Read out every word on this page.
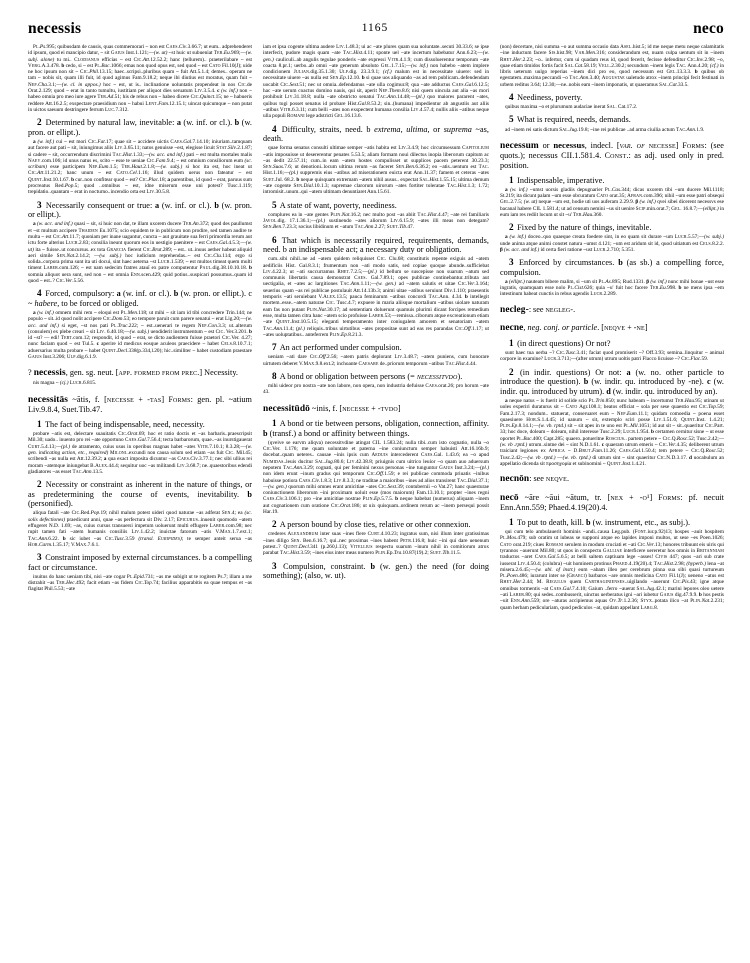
necessis	neco
1165

Pl.Ps.995; quibusdam de causis, quas commemorari ~ non est Caes.Civ.3.66.7; ut eum.. adprehenderet id ipsum, quod ei mancipio datur, ~ sit Gaius Inst.1.121;—(w. ut) ~st huic ut subueniat Ter.Eu.969;—(w. subj. alone) tu mi.. Clodianus efficias ~ est Cic.Att.12.52.2; hanc (tellurem).. praeterilabare ~ est Verg.A.3.478. b cedo, si ~ est Pl.Bac.1066; emas non quod opus est, sed quod ~ est Cato Fil.10(J); uide ne hoc ipsum non sit ~ Cic.Phil.13.15; haec..scripsi..pluribus quam ~ fuit Att.5.1.4; demes.. operam ne tam ~ nobis sit, quam illi fuit, id quod agimus Fam.9.18.2; neque ibi diutius est moratus, quam fuit ~ Nep.Cha.3.1;—(w. cl. in appos.) hoc ~ est, ut is.. inclinatione uoluntatis propendeat in nos Cic.de Orat.2.129; quod ~ erat in tanto tumultu, iustitiam per aliquot dies seruatum Liv.3.5.4. c (w. inf.) non ~ habeo omnia pro meo iure agere Ter.Ad.51; his de rebus non ~ habeo dicere Cic.Quinct.15; ne ~ habueris reddere Att.16.2.5; exspectare praesidium non ~ habui Lent.Fam.12.15.1; uincat quicumque ~ non putat in uictos saeuum destringere ferrum Luc.7.312.

2 Determined by natural law, inevitable: a (w. inf. or cl.). b (w. pron. or ellipt.).

a (w. inf.) cui ~ est mori Cic.Fat.17; quae sit ~ accidere uictis Caes.Gal.7.14.10; iniuriam..tamquam aut facere aut pati ~ sit, iniungimus aliis Liv.3.65.11; natos genuisse ~est, elegisse licuit Stat.Silv.2.1.87; si cadere ~ sit, occurrendum discrimini Tac.Hist.1.33;—(w. acc. and inf.) pati ~ est multa mortales malis Naev.com.106; id unus natus es, scito ~ esse te ueniae Cic.Fam.9.4; ~ est omnium consiliorum eum (sc. scribam) esse participem Nep.Eum.1.5; Ter.Haut.2.1.8;—(w. subj.) si hoc ita est, hoc ineat ut Cic.Att.11.21.2; hanc unum ~ est Cato.Cel.1.16; illud quidem uerus non fateatur ~ est Quint.Inst.10.1.67. b cur..non confitear quod ~ est? Cic.Plac.18; a parentibus, id quod ~ erat, paruus sum procreatus Red.Pop.5; quod ..omnibus ~ est, idne miserum esse uni potest? Tusc.1.119; trepidatio..quantam ~ erat in nocturno..incendio orta est Liv.30.5.8.

3 Necessarily consequent or true: a (w. inf. or cl.). b (w. pron. or ellipt.).

a (w. acc. and inf.) quasi ~ sit, si huic non dat, te illam uxorem ducere Ter.An.372; quod des paullumst et ~st multum accipere Thaiden Eu.1075; scio equidem te in publicum non prodire, sed tamen audire te multa ~ est Cic.Att.11.7; quoniam per inane uagantur, cuncta ~ aut grauitate sua ferri primordia rerum aut ictu forte alterius Lucr.2.83; consilia ineunt quorum eos in uestigio paenitere ~ est Caes.Gal.4.5.3;—(w. ut) ita ~ fuisse..ut concursus..ex tota Graecia fierent Cic.Brut.289; ~ est.. ut..inuus aether habeat aliquid aeri simile Sen.Nat.2.14.2; —(w. subj.) hoc iudicium reprehendas..~ est Cic.Clu.114; ergo si solida..corpora prima sunt ita uti docui, sint haec aeterna ~st Lucr.1.539; ~ est multos timeat quem multi timent Laber.com.126; ~ est nam sedecim fratres atauī ex patre computentur Paul.dig.38.10.10.18. b somnia aliquot uera sunt, sed non ~ est omnia Enn.scen.429; quid potius..suspicari possumus..quam id quod ~ est..? Cic.Ver.5.56.

4 Forced, compulsory: a (w. inf. or cl.). b (w. pron. or ellipt.). c ~ habere, to be forced or obliged.

a (w. inf.) omnem mihi rem ~ eloqui est Pl.Men.118; ut mihi ~ sit iam id tibi concredere Trin.144; ne populo ~ sit..id quod nolit accipere Cic.Dom.53; eo tempore paruit cum parere senatui ~ erat Lig.20;—(w. acc. and inf.) si eget, ~st nos pati Pl.Truc.222; ~ est..uenerari te regem Nep.Con.3.3; ut..alterum (consulem) ex plebe creari ~ sit Liv. 6.40.18;—(w. subj.) uendiderit instrumentum ~ est Cic. Ver.3.201. b id ~st? — edi! Tert.com.12; respondit, id quod ~ erat, se dicto audientem fuisse praetori Cic.Ver. 4.27; nunc faciam quod ~ est Tul.5. c aperire id medicus eosque aculeos praecidere ~ habet Cels.8.10.7.1; aduersarius multa probare ~ habet Quint.Decl.338(p.334,l.20); hic..similiter ~ habet custodiam praestare Gaius Inst.3.206; Ulp.dig.6.1.9.

? necessis, gen. sg. neut. [app. formed from prec.] Necessity.

nis magna ~ (cj.) Lucr.6.815.

necessitās ~ātis, f. [necesse + -tas] Forms: gen. pl. ~atium Liv.9.8.4, Suet.Tib.47.

1 The fact of being indispensable, need, necessity.

probare ~atis est, delectare suauitatis Cic.Orat.69; hoc et ratio doctis et ~as barbaris..praescripsit Mil.30; uado.. inuento pro rei ~ate opportuno Caes.Gal.7.56.4; tecta barbarorum, quae..~as inurstigauerat Curt.5.4.13;—(pl.) de atramento, cuius usus in operibus magnas habet ~ates Vitr.7.10.1; 8.3.28;—(w. gen. indicating action, etc., required) Miloni..excundi non causa solum sed etiam ~as fuit Cic. Mil.45; scribendi ~as nulla est Att.12.39.2; a qua exact imposita dicuntur ~as Caes.Civ.3.77.1; nec sibi ullius rei moram ~atemque iniungebat B.Alex.44.4; sequitur uoc ~as militandi Liv.3.68.7; ne..quaestoribus edendi gladiatores ~as esset Tac.Ann.13.5.

2 Necessity or constraint as inherent in the nature of things, or as predetermining the course of events, inevitability. b (personified).

aliqua fatali ~ate Cic.Red.Pop.19; nihil malum potest uideri quod naturae ~as adferat Sen.4; ea (sc. solis defectiones) praedicunt anni, quae ~as perfectura sit Div. 2.17; Epicurus..inuenit quomodo ~atem effugeret N.D. 1.69; ~as, cuius cursus transuersi impetum uoluerunt multi effugere Laber.com.98; nec rupit tamen fati ~atem humanis consiliis Liv.1.42.2; inuictae fatorum ~atis V.Max.1.7.ext.1; Tac.Ann.6.22. b sic iubet ~as Cic.Tusc.3.59 (transl. Euripides); te semper anteit serua ~as Hor.Carm.1.35.17; V.Max.7.6.1.

3 Constraint imposed by external circumstances. b a compelling fact or circumstance.

inuitus do hanc ueniam tibi, nisi ~ate cogar Pl.Epid.731; ~as me subigit ut te rogitem Ps.7; illam a me distrahit ~as Ter.Hec.492; facit etiam ~as fidem Cic.Top.74; facilius apparabitis ea quae tempus et ~as flagitat Phil.5.53; ~ate

iam et ipsa cogente ultima audere Liv.1.48.3; ui ac ~ate plures quam sua uoluntate..secuti 30.33.6; se ipse interfecit, pudore magis quam ~ate Tac.Hist.4.11; sponte uel ~ate incertum habebatur Ann.6.23;—(w. gen.) cauliculi..ab angulis tegulae ponderis ~ate expressi Vitr.4.1.9; cum dissoluerentur temporum ~ate coacta 8.pr.1; uerbo..ab omni ~ate generum absoluto Gel.1.7.15;—(w. inf.) non habebo ~atem implere condicionem Julian.dig.35.1.30; Ulp.dig. 23.3.9.1; (cf.) malum est in necessitate uiuere: sed in necessitate uiuere ~as nulla est Sen.Ep.12.10. b si quae uos aliquando ~as ad rem publicam..defendendam uocabit Cic.Sest.51; nec ut omnia..defendamus ~ate ulla cogimur.8; qua ~ate adductus Caes.Gal.6.12.5; hac ~ate uerum coactus domino nauis, qui sit, aperit Nep.Them.8.6; nisi quem uincula aut alia ~as mori prohibuit Liv.31.18.8; nulla ~ate obstricto senatui Tac.Ann.14.48;—(pl.) quo maiores pararent ~ates, quibus togi posset senatus id probare Hist.Gal.8.53.2; sin..(humana) impedientur ab angustiis aut aliis ~atibus Vitr.6.3.11; cum belli ~ates non exspectent humana consilia Liv.4.57.4; nullis aliis ~atibus neque ulla populi Romani lege adstricti Gel.16.13.6.

4 Difficulty, straits, need. b extrema, ultima, or suprema ~as, death.

quae forma senatus consulti ultimae semper ~atis habita est Liv.3.4.9; hoc circumsessum Capitolium ~atis imposuisse ut desererentur penates 5.53.5; aliam formam noui dilectus inopia liberorum capitum ac ~as dedit 22.57.11; cum..in eam ~atem hostes compulisset ut supplices pacem peterent 30.23.3; Sen.Suas.7.6; ut denotioni..locum ultima rerum ~as faceret Sen.Ben.6.36.2; eo ~atis..uentum est Tac. Hist.1.16;—(pl.) suppremis eius ~atibus ad miserationem euicta erat Ann.11.37; famem et ceteras ~ates Suet.Jul. 68.2. b neque quisquam extremam ~atem nihil ausus.. expectat Sal.Hist.1.55.15; ultima demum ~ate cogente Sen.Dial.10.1.3; supremae clarorum uirorum ~ates fortiter toleratae Tac.Hist.1.3; 1.72; intromisit..unum..qui ~atem ultimam denuntiaret Ann.15.61.

5 A state of want, poverty, neediness.

complures ea in ~ate gentes Plin.Nat.16.2; nec multo post ~as abiit Tac.Hist.4.47; ~ate rei familiaris Javol.dig. 17.1.36.1;—(pl.) sustinendo ~ates aliorum Liv.6.15.9; ~ates illi meas non detegam? Sen.Ben.7.23.3; socius libidinum et ~atum Tac.Ann.2.27; Suet.Tib.47.

6 That which is necessarily required, requirements, demands, need. b an indispensable act; a necessary duty or obligation.

cum..sibi nihil..ne ad ~atem quidem reliquisset Cic. Clu.68; constitutis repente exiguis ad ~atem aedificiis Hist. Gal.8.3.1; frumentum non ~ati modo satis, sed copiae quoque abunde..sufficiebat Liv.4.22.3; ut ~ati succurramus Rhet.7.2.5;—(pl.) id bellum se suscepisse non suarum ~atum sed communis libertatis causa demonstrat Caes. Gal.7.89.1; opes publicae continebantur..tributa aut uectigalia, et ~ates ac largitiones Tac.Ann.1.11;—(w. gen.) ad ~atem salutis et uitae Cic.Ver.3.164; seuerius quam ~as rei publicae postulauit Att.14.13b.3; animi uitae ~atibus seruiunt Div.1.110; praesentis temporis ~ati seruiebant V.Alex.13.5; pauca feminarum ~atibus concordi Tac.Ann. 4.34. b intellegit mortem..esse..~atem naturae Cic. Tusc.4.7; expuere in maria aliisque mortalium ~atibus uiolare naturam eam fas non putant Plin.Nat.30.17; ad sententiam doluerunt quamuis plurimi dicant forcipes remedium esse, multa tamen citra hanc ~atem scio profuisse Laber.53;—remissa..ciborum atque excreationum etiam ~ate Quint.Inst.10.5.15; eleganti temperamento inter coniugalem amorem et senatoriam ~atem Tac.Ann.11.4; (pl.) reliquis..tribus uirtutibus ~ates propositae sunt ad eas res parandas Cic.Off.1.17; ut ~ates uoluptatibus.. anteferrem Plin.Ep.8.21.3.

7 An act performed under compulsion.

ueniam ~ati dare Cic.Off.2.56; ~atem patris deplorant Liv.3.48.7; ~atem puniens, cum honorare uirtutem deberet V.Max.9.8.ext.2; inchoante Caesare de..priorum temporum ~atibus Tac.Hist.4.44.

8 A bond or obligation between persons (= necessitvdo).

mihi uideor pro nostra ~ate non labore, non opera, non industria defuisse Caes.orat.26; pro horum ~ate 43.

necessitūdō ~inis, f. [necesse + -tvdo]

1 A bond or tie between persons, obligation, connection, affinity. b (transf.) a bond or affinity between things.

(qveive se earvm aliqva) necessitvdine atingat CIL 1.583.24; nulla tibi..cum isto cognatio, nulla ~o Cic.Ver. 1.176; me quam uoluntate et paterna ~ine coniunctum semper habuisti Att.16.16b.9; docebat..quam ueteres.. causae ~inis ipsis cum Aeduis intercederent Caes.Gal. 1.43.6; ea ~o apud Numidas..leuis ducitur Sal.Jug.80.6; Liv.42.38.8; priuignis cum uitrico leuior ~o quam auo aduersum nepotem Tac.Ann.3.29; cognati, qui per feminini nexus personas ~ine tunguntur Gaius Inst.3.24;—(pl.) non idem erunt ~inum gradus qui temporum Cic.Off.1.59; e rei publicae commoda priuatis ~inibus habuisse potiora Caes.Civ.1.8.3; Liv.8.3.3; ne traditae a maioribus ~ines ad alios transirent Tac.Dial.37.1;—(w. gen.) quorum mihi omnes erant amicitiae ~ates Cic.Sest.39; contubernii ~o Vat.27; hanc quaesturae coniunctionem liberorum ~ini proximam uoluit esse (mos maiorum) Fam.13.10.1; propter ~ines regni Caes.Civ.3.106.1; pro ~ine amicitiae nostrae Plin.Ep.5.7.5. b neque habebat (numerus) aliquam ~inem aut cognationem cum oratione Cic.Orat.186; ut uix quisquam..ordinem rerum ac ~inem persequi possit Har.19.

2 A person bound by close ties, relative or other connexion.

crederes Alexandrum inter suas ~ines flere Curt.4.10.23; ingratus sum, nisi illum inter gratissimas ~ines diligo Sen. Ben.6.16.7; qui..nec proximas ~ines habent Petr.116.8; huic ~ini qui dare uenenum potest..? Quint.Decl.341 (p.260,l.13); Vitellius respectu suarum ~inum nihil in comitiorum atrox parabat Tac.Hist.3.59; ~ines eius inter meas numero Plin.Ep.Tra.10.87(19).2; Suet.Tib.11.5.

3 Compulsion, constraint. b (w. gen.) the need (for doing something); (also, w. ut).

(non) decertare, nisi summa ~o aut summa occasio data Asel.hist.5; id me neque metu neque calamitatis ~ine inductum facere Sis.hist.98; Var.Men.316; considerandum est, nuam culpa uentum sit in ~inem Rhet.Her.2.23; ~o.. infertur, cum ui quadam reus id, quod fecerit, fecisse defenditur Cic.Inv.2.98; ~o, quae etiam timidos fortis facit Sal.Cat.58.19; Vell.2.30.2; secundum ~inem legis Tac. Ann.4.20; (cf.) in libris ueterum uulgo reperias ~inem dici pro eo, quod necessum est Gel.13.3.3. b quibus ob egestatem..maxima peccandi ~o Tac.Ann.3.40; Augustae ualetudo atrox ~inem principi fecit festinati in urbem reditus 3.64; 12.30;—ne..nobis eam ~inem imponatis, ut quaeramus Sal.Cat.33.5.

4 Neediness, poverty.

quibus maxima ~o et plurumum audaciae inerat Sal. Cat.17.2.

5 What is required, needs, demands.

ad ~inem rei satis dictum Sal.Jug.19.8; ~ine rei publicae ..ad arma ciuilia actum Tac.Ann.1.9.

necessum or necessus, indecl. [var. of necesse] Forms: (see quots.); necessus CII.1.581.4. Const.: as adj. used only in pred. position.

1 Indispensable, imperative.

a (w. inf.) ~umst uorsis gladiis depugnarier Pl.Cas.344; dicas uxorem tibi ~um ducere Mil.1118; St.219; ita dicunt palam ~um esse obcuratum Cato orat.35; Afran.com.396; nihil ~um esse patri obsequi Gel.2.7.5; (w. ut) neque ~um est, hodie uti uos auferam 2.29.9. β (w. inf.) qvei sibei dicerent necessvs ese bacanal habere CIL 1.581.4; ut ad censum nemini ~us sit uenire Scip.min.orat.7; Gel. 16.8.7;—(ellipt.) in eum iam res rediit locum ut sit ~u' Ter.Hau.360.

2 Fixed by the nature of things, inevitable.

a (w. inf.) doceo..quo quaeque creata foedere sint, in eo quam sit durare ~um Lucr.5.57;—(w. subj.) unde anima atque animi constet natura ~umst 4.121; ~um est aridum sit id, quod uitiatum est Cels.8.2.2. β (w. acc. and inf.) id certa fieri ratione ~ust Lucr.2.710; 5.351.

3 Enforced by circumstances. b (as sb.) a compelling force, compulsion.

a (ellipt.) nauteam bibere malim, si ~um sit Pl.As.895; Rud.1331. β (w. inf.) nunc mihi bonae ~ust esse ingratis, quamquam esse nolo Pl.Cist.626; quia ~u' fuit hoc facere Ter.Eu.998. b ne mens ipsa ~em intestinum habeat cunctis in rebus agendis Lucr.2.289.

necleg-: see negleg-.

necne, neg. conj. or particle. [neqve + -ne]

1 (in direct questions) Or not?

sunt haec tua uerba ~? Cic.Tusc.3.41; faciat quod promiserit ~? Off.3.93; semina..linquitur ~ animal corpore in examine? Lucr.3.713;—(after utrum) utrum uoltis patri Flacco licuisse ~? Cic.Flac.59.

2 (in indir. questions) Or not: a (w. no. other particle to introduce the question). b (w. indir. qu. introduced by -ne). c (w. indir. qu. introduced by utrum). d (w. indir. qu. introduced by an).

a neque natus ~ is fuerit id solide scio Pl.Trin.850; nunc habeam ~ incertumst Ter.Hau.95; utinam ut uoles experiri duraturus sit ~ Cato Agr.108.1; beatos efficiat ~ sola per sese quaestio est Cic.Top.59; Fam.2.17.3; nondum.. statuerat, conseruaret eum ~ Nep.Eum.11.1; quidam comoedia ~ poena esset quaesiuere Hor.S.1.4.45; id uanum ~ sit, extemplo sciri posse Liv.1.51.6; Quint.Inst. 1.4.21; Plin.Ep.8.14.1;—(w. vb. rptd.) sit ~ sit apes in te uno est Pl.Mil.1051; id aut sit ~ sit..quaeritur Cic.Part. 33; hoc doce, doleam ~ doleam, nihil interesse Tusc.2.29; Lucr.1.954. b certamen cernitur sisne ~ ut esse oportet Pl.Bac.400; Capt.285; quaero..potueritne Roscius.. partem petere ~ Cic.Q.Rosc.52; Tusc.2.42;—(w. vb .rptd.) utrum..sintne dei ~ sint N.D.1.61. c quaeram utrum emeris ~ Cic.Ver.4.35; deliberent utrum traiciant legiones ex Africa ~ D.Brut.Fam.11.26; Caes.Gal.1.50.4; tem petere ~ Cic.Q.Rosc.52; Tusc.2.42;—(w. vb .rptd.) —(w. vb. rptd.) di utrum sint ~ sint quaeritur Cic.N.D.3.17. d uocabulum an appellatio dicenda sit προσηγορία et subinomini ~ Quint.Inst.1.4.21.

necnōn: see neqve.

necō ~āre ~āui ~ātum, tr. [nex + -o¹] Forms: pf. necuit Enn.Ann.559; Phaed.4.19(20).4.

1 To put to death, kill. b (w. instrument, etc., as subj.).

qui cum telo ambulauerit hominis ~andi..causa Leg.pub. (Font.iur.p.92)13; hospes ~auit hospitem Pl.Mos.479; sub oratim ut iubeas se supponi atque eo lapides imponi multos, ut sese ~es Poen.1026; Cato orat.219; ciues Romani serulem in modum cruciati et ~ati Cic.Ver.13; honores tribuunt eis uiris qui tyrannos ~auerunt Mil.80; ut quos in conspectu Galliae interficere uereretur hos omnis in Britanniam traductos ~aret Caes.Gal.5.6.5; at belli saltem captiuam lege ~asses! Civis 447; quos ~ari sub crate iusserat Liv.4.50.4; (colubra) ~uit hominem protinus Phaed.4.19(20).4; Tac.Hist.2.98; (hyperb.) lena ~at misera.2.6.45;—(w. abl. of instr.) eum ~abam illeo per cerebrum pinna sua sibi quasi turtureum Pl.Poen.486; iurarunt inter se (Graeci) barbaros ~are omnis medicina Cato Fil.1(J); ueneno ~atus est Rhet.Her.2.44; M. Regulus quem Carthaginienses..uigilando ~auerunt Cic.Pis.43; igne atque omnibus tormentis ~at Caes.Gal.7.4.10; Gaium ..ferro ~auerat Sal.Jug.42.1; marini lepores oleo uetere ~ati Laber.80; qui sedes..combusserit, uinctus uerberatus igni ~ari iubetur Gaius dig.47.9.9. b hos pestis ~uit Enn.Ann.559; ore ~aturas accipiemus aquas Ov.Tr.1.2.36; Styx..potata ilico ~at Plin.Nat.2.231; quam herbam pediculariam, quod pediculos ~at, quidam appellant Larg.8.
